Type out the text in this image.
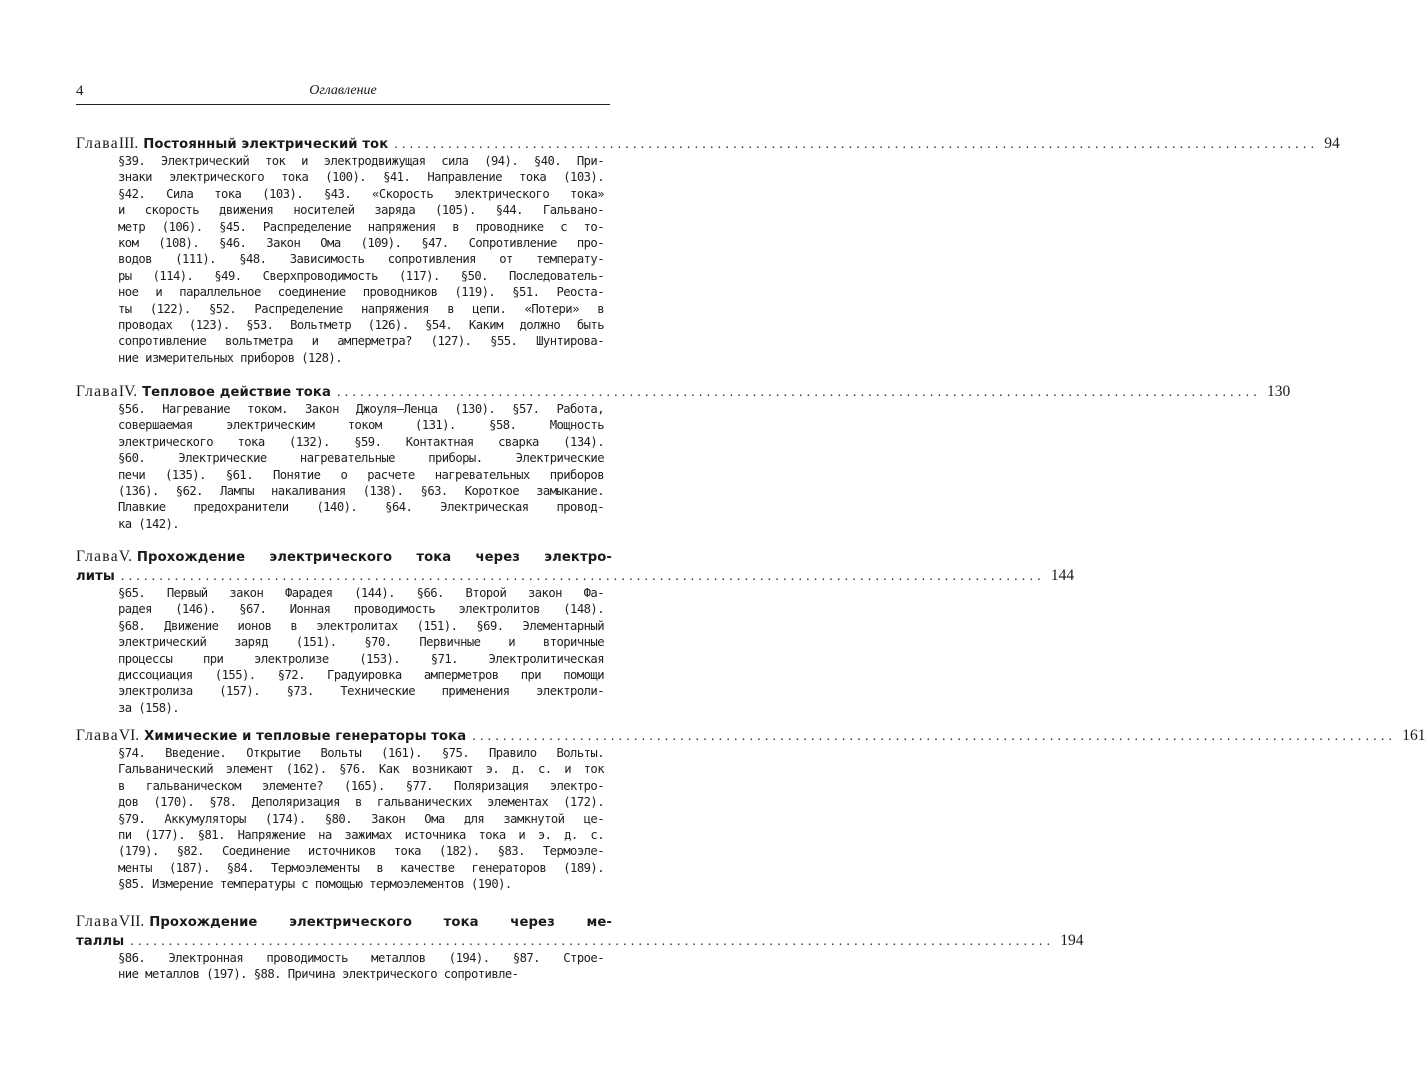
4	Оглавление
Глава III.
Постоянный электрический ток ........................................................................................................................ 94
§39. Электрический ток и электродвижущая сила (94). §40. При-
знаки электрического тока (100). §41. Направление тока (103).
§42. Сила тока (103). §43. «Скорость электрического тока»
и скорость движения носителей заряда (105). §44. Гальвано-
метр (106). §45. Распределение напряжения в проводнике с то-
ком (108). §46. Закон Ома (109). §47. Сопротивление про-
водов (111). §48. Зависимость сопротивления от температу-
ры (114). §49. Сверхпроводимость (117). §50. Последователь-
ное и параллельное соединение проводников (119). §51. Реоста-
ты (122). §52. Распределение напряжения в цепи. «Потери» в
проводах (123). §53. Вольтметр (126). §54. Каким должно быть
сопротивление вольтметра и амперметра? (127). §55. Шунтирова-
ние измерительных приборов (128).
Глава IV.
Тепловое действие тока ........................................................................................................................ 130
§56. Нагревание током. Закон Джоуля–Ленца (130). §57. Работа,
совершаемая электрическим током (131). §58. Мощность
электрического тока (132). §59. Контактная сварка (134).
§60. Электрические нагревательные приборы. Электрические
печи (135). §61. Понятие о расчете нагревательных приборов
(136). §62. Лампы накаливания (138). §63. Короткое замыкание.
Плавкие предохранители (140). §64. Электрическая провод-
ка (142).
Глава V.
Прохождение электрического тока через электро-
литы ........................................................................................................................ 144
§65. Первый закон Фарадея (144). §66. Второй закон Фа-
радея (146). §67. Ионная проводимость электролитов (148).
§68. Движение ионов в электролитах (151). §69. Элементарный
электрический заряд (151). §70. Первичные и вторичные
процессы при электролизе (153). §71. Электролитическая
диссоциация (155). §72. Градуировка амперметров при помощи
электролиза (157). §73. Технические применения электроли-
за (158).
Глава VI.
Химические и тепловые генераторы тока ........................................................................................................................ 161
§74. Введение. Открытие Вольты (161). §75. Правило Вольты.
Гальванический элемент (162). §76. Как возникают э. д. с. и ток
в гальваническом элементе? (165). §77. Поляризация электро-
дов (170). §78. Деполяризация в гальванических элементах (172).
§79. Аккумуляторы (174). §80. Закон Ома для замкнутой це-
пи (177). §81. Напряжение на зажимах источника тока и э. д. с.
(179). §82. Соединение источников тока (182). §83. Термоэле-
менты (187). §84. Термоэлементы в качестве генераторов (189).
§85. Измерение температуры с помощью термоэлементов (190).
Глава VII.
Прохождение электрического тока через ме-
таллы ........................................................................................................................ 194
§86. Электронная проводимость металлов (194). §87. Строе-
ние металлов (197). §88. Причина электрического сопротивле-
